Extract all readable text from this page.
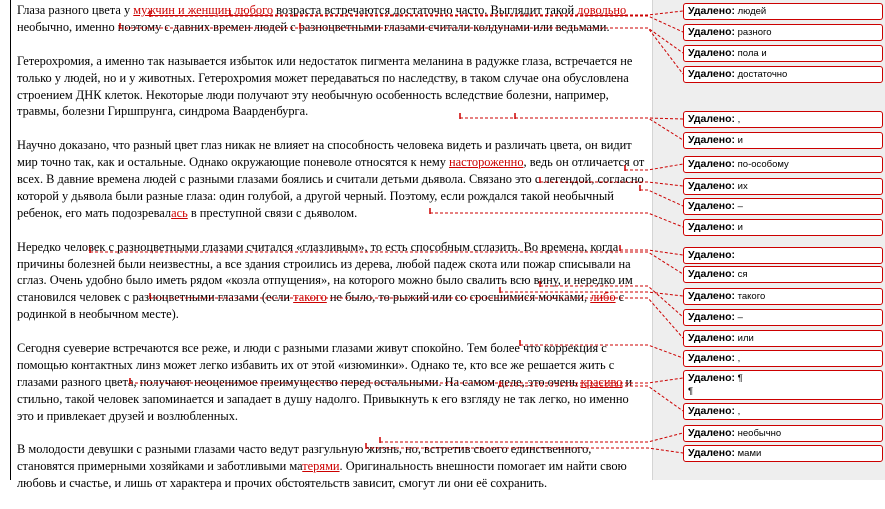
Глаза разного цвета у мужчин и женщин любого возраста встречаются достаточно часто. Выглядит такой довольно необычно, именно поэтому с давних времен людей с разноцветными глазами считали колдунами или ведьмами.

Гетерохромия, а именно так называется избыток или недостаток пигмента меланина в радужке глаза, встречается не только у людей, но и у животных. Гетерохромия может передаваться по наследству, в таком случае она обусловлена строением ДНК клеток. Некоторые люди получают эту необычную особенность вследствие болезни, например, травмы, болезни Гиршпрунга, синдрома Ваарденбурга.

Научно доказано, что разный цвет глаз никак не влияет на способность человека видеть и различать цвета, он видит мир точно так, как и остальные. Однако окружающие поневоле относятся к нему настороженно, ведь он отличается от всех. В давние времена людей с разными глазами боялись и считали детьми дьявола. Связано это с легендой, согласно которой у дьявола были разные глаза: один голубой, а другой черный. Поэтому, если рождался такой необычный ребенок, его мать подозревалась в преступной связи с дьяволом.

Нередко человек с разноцветными глазами считался «глазливым», то есть способным сглазить. Во времена, когда причины болезней были неизвестны, а все здания строились из дерева, любой падеж скота или пожар списывали на сглаз. Очень удобно было иметь рядом «козла отпущения», на которого можно было свалить всю вину, и нередко им становился человек с разноцветными глазами (если такого не было, то рыжий или со сросшимися мочками, либо с родинкой в необычном месте).

Сегодня суеверие встречаются все реже, и люди с разными глазами живут спокойно. Тем более что коррекция с помощью контактных линз может легко избавить их от этой «изюминки». Однако те, кто все же решается жить с глазами разного цвета, получают неоценимое преимущество перед остальными. На самом деле, это очень красиво и стильно, такой человек запоминается и западает в душу надолго. Привыкнуть к его взгляду не так легко, но именно это и привлекает друзей и возлюбленных.

В молодости девушки с разными глазами часто ведут разгульную жизнь, но, встретив своего единственного, становятся примерными хозяйками и заботливыми матерями. Оригинальность внешности помогает им найти свою любовь и счастье, и лишь от характера и прочих обстоятельств зависит, смогут ли они её сохранить.

Удалено: людей
Удалено: разного
Удалено: пола и
Удалено: достаточно
Удалено: ,
Удалено: и
Удалено: по-особому
Удалено: их
Удалено: –
Удалено: и
Удалено:
Удалено: ся
Удалено: такого
Удалено: –
Удалено: или
Удалено: ,
Удалено: ¶
¶
Удалено: ,
Удалено: необычно
Удалено: мами
